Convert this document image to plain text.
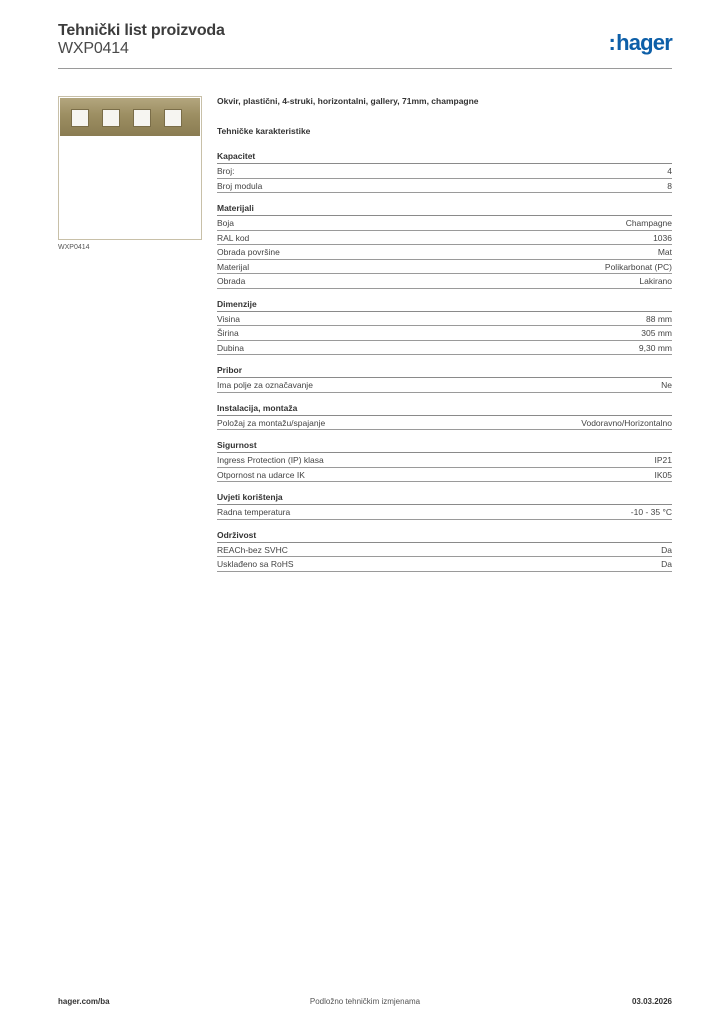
Tehnički list proizvoda
WXP0414	:hager
WXP0414
Okvir, plastični, 4-struki, horizontalni, gallery, 71mm, champagne
Tehničke karakteristike
Kapacitet
Broj:	4
Broj modula	8
Materijali
Boja	Champagne
RAL kod	1036
Obrada površine	Mat
Materijal	Polikarbonat (PC)
Obrada	Lakirano
Dimenzije
Visina	88 mm
Širina	305 mm
Dubina	9,30 mm
Pribor
Ima polje za označavanje	Ne
Instalacija, montaža
Položaj za montažu/spajanje	Vodoravno/Horizontalno
Sigurnost
Ingress Protection (IP) klasa	IP21
Otpornost na udarce IK	IK05
Uvjeti korištenja
Radna temperatura	-10 - 35 °C
Održivost
REACh-bez SVHC	Da
Usklađeno sa RoHS	Da
hager.com/ba	Podložno tehničkim izmjenama	03.03.2026
